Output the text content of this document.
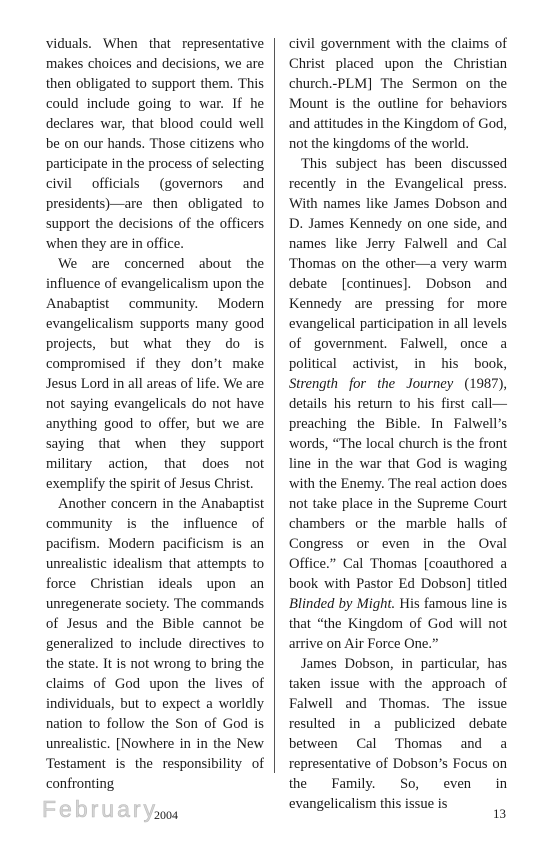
viduals. When that representative makes choices and decisions, we are then obligated to support them. This could include going to war. If he declares war, that blood could well be on our hands. Those citizens who participate in the process of selecting civil officials (governors and presidents)—are then obligated to support the decisions of the officers when they are in office.

We are concerned about the influence of evangelicalism upon the Anabaptist community. Modern evangelicalism supports many good projects, but what they do is compromised if they don’t make Jesus Lord in all areas of life. We are not saying evangelicals do not have anything good to offer, but we are saying that when they support military action, that does not exemplify the spirit of Jesus Christ.

Another concern in the Anabaptist community is the influence of pacifism. Modern pacificism is an unrealistic idealism that attempts to force Christian ideals upon an unregenerate society. The commands of Jesus and the Bible cannot be generalized to include directives to the state. It is not wrong to bring the claims of God upon the lives of individuals, but to expect a worldly nation to follow the Son of God is unrealistic. [Nowhere in in the New Testament is the responsibility of confronting

civil government with the claims of Christ placed upon the Christian church.-PLM] The Sermon on the Mount is the outline for behaviors and attitudes in the Kingdom of God, not the kingdoms of the world.

This subject has been discussed recently in the Evangelical press. With names like James Dobson and D. James Kennedy on one side, and names like Jerry Falwell and Cal Thomas on the other—a very warm debate [continues]. Dobson and Kennedy are pressing for more evangelical participation in all levels of government. Falwell, once a political activist, in his book, Strength for the Journey (1987), details his return to his first call—preaching the Bible. In Falwell’s words, “The local church is the front line in the war that God is waging with the Enemy. The real action does not take place in the Supreme Court chambers or the marble halls of Congress or even in the Oval Office.” Cal Thomas [coauthored a book with Pastor Ed Dobson] titled Blinded by Might. His famous line is that “the Kingdom of God will not arrive on Air Force One.”

James Dobson, in particular, has taken issue with the approach of Falwell and Thomas. The issue resulted in a publicized debate between Cal Thomas and a representative of Dobson’s Focus on the Family. So, even in evangelicalism this issue is

February
2004	13
